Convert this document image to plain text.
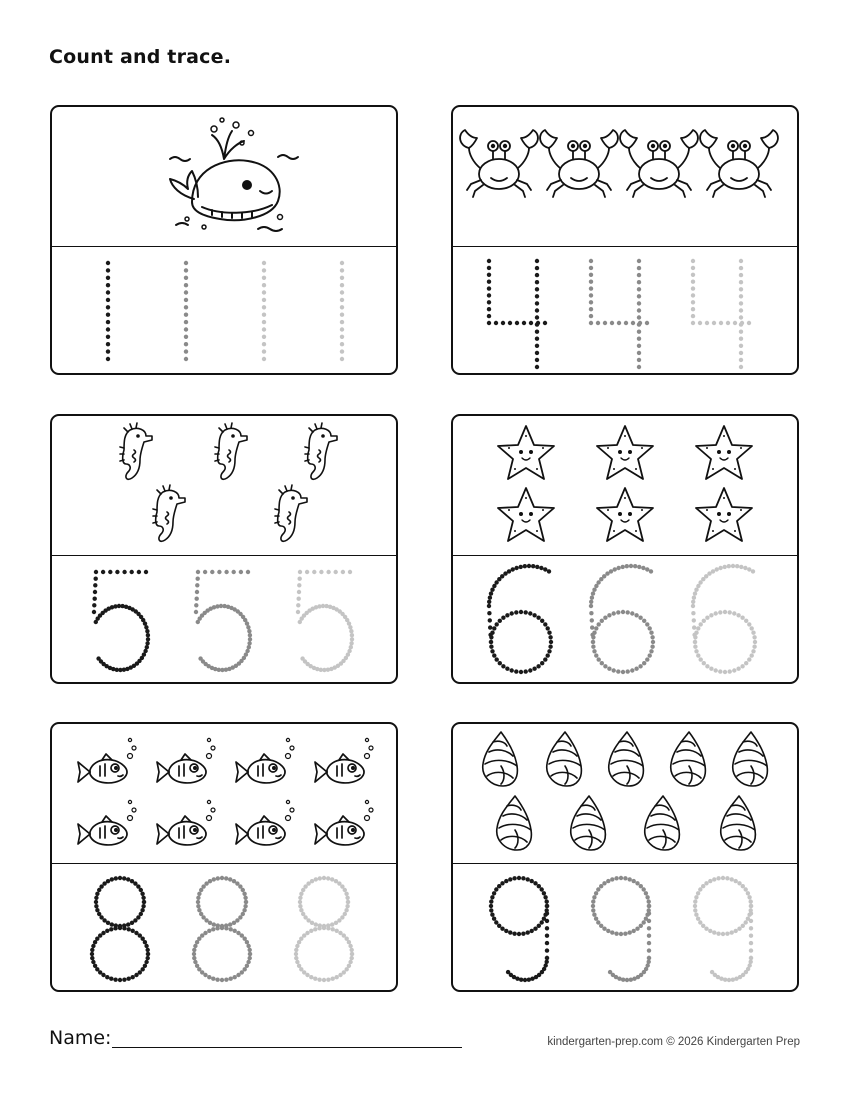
Count and trace.
Name:	kindergarten-prep.com © 2026 Kindergarten Prep
